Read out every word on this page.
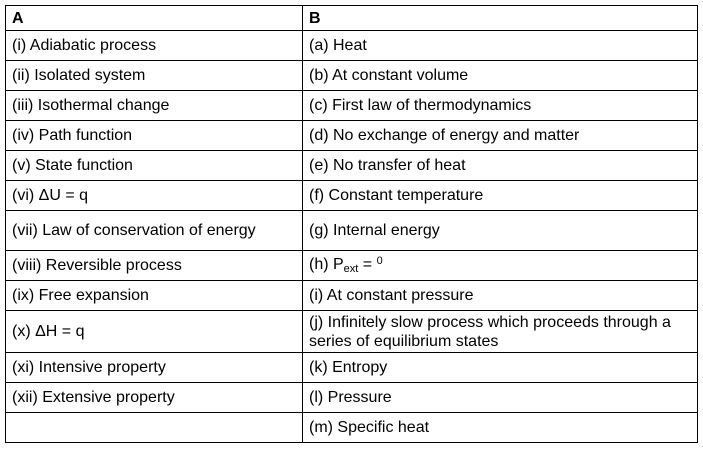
A	B
(i) Adiabatic process	(a) Heat
(ii) Isolated system	(b) At constant volume
(iii) Isothermal change	(c) First law of thermodynamics
(iv) Path function	(d) No exchange of energy and matter
(v) State function	(e) No transfer of heat
(vi) ΔU = q	(f) Constant temperature
(vii) Law of conservation of energy	(g) Internal energy
(viii) Reversible process	(h) $P_{ext} = ^0$
(ix) Free expansion	(i) At constant pressure
(x) ΔH = q	(j) Infinitely slow process which proceeds through a series of equilibrium states
(xi) Intensive property	(k) Entropy
(xii) Extensive property	(l) Pressure
	(m) Specific heat
